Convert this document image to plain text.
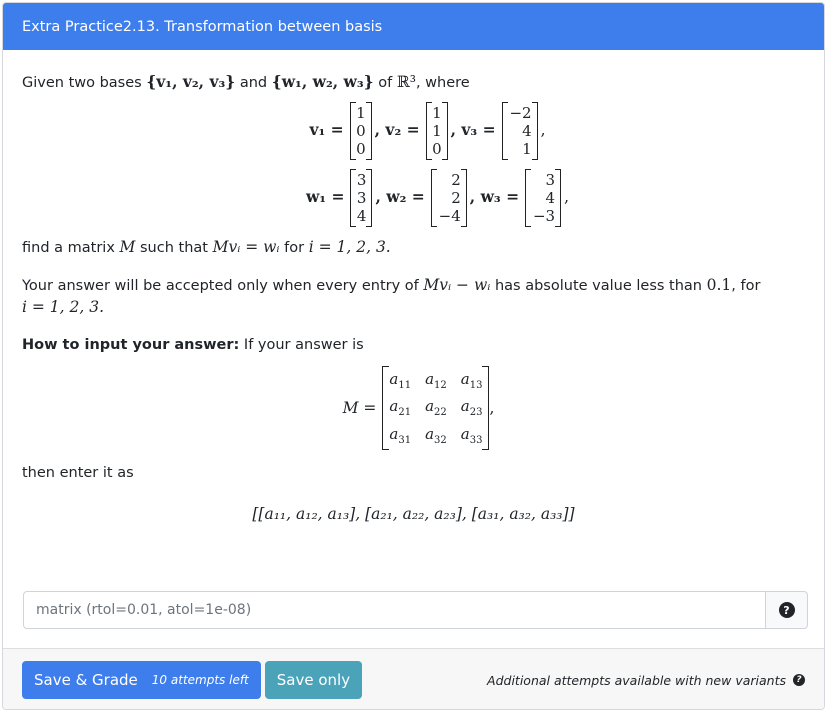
Extra Practice2.13. Transformation between basis

Given two bases {v₁, v₂, v₃} and {w₁, w₂, w₃} of ℝ³, where

v₁ =
1
0
0
, v₂ =
1
1
0
, v₃ =
−2
4
1
,
w₁ =
3
3
4
, w₂ =
2
2
−4
, w₃ =
3
4
−3
,

find a matrix M such that Mvᵢ = wᵢ for i = 1, 2, 3.

Your answer will be accepted only when every entry of Mvᵢ − wᵢ has absolute value less than 0.1, for
i = 1, 2, 3.

How to input your answer: If your answer is

M =
$a_{11}$ $a_{12}$ $a_{13}$
$a_{21}$ $a_{22}$ $a_{23}$
$a_{31}$ $a_{32}$ $a_{33}$
,

then enter it as

[[a₁₁, a₁₂, a₁₃], [a₂₁, a₂₂, a₂₃], [a₃₁, a₃₂, a₃₃]]
matrix (rtol=0.01, atol=1e-08)	?
Save & Grade 10 attempts left	Save only	Additional attempts available with new variants	?
